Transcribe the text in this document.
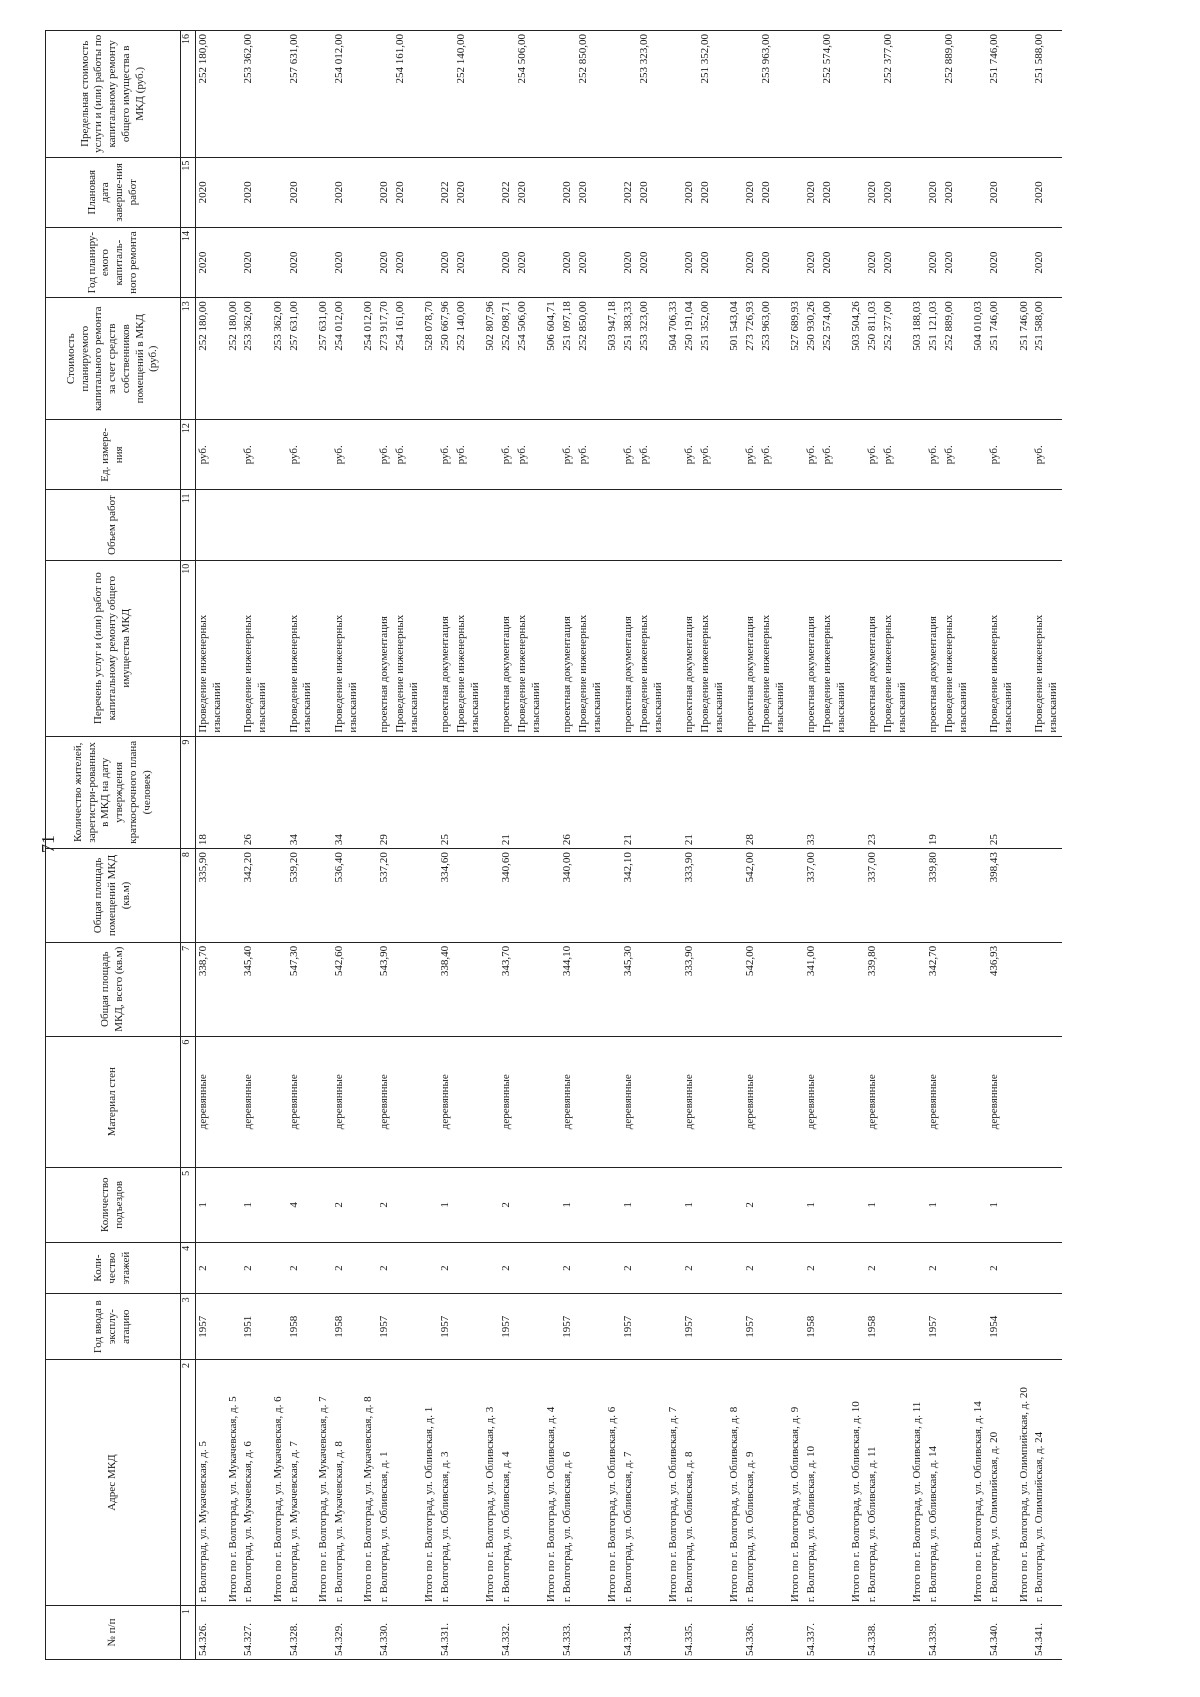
71
№ п/п	Адрес МКД	Год ввода в эксплу-атацию	Коли-чество этажей	Количество подъездов	Материал стен	Общая площадь МКД, всего (кв.м)	Общая площадь помещений МКД (кв.м)	Количество жителей, зарегистри-рованных в МКД на дату утверждения краткосрочного плана (человек)	Перечень услуг и (или) работ по капитальному ремонту общего имущества МКД	Объем работ	Ед. измере-ния	Стоимость планируемого капитального ремонта за счет средств собственников помещений в МКД (руб.)	Год планиру-емого капиталь-ного ремонта	Плановая дата заверше-ния работ	Предельная стоимость услуги и (или) работы по капитальному ремонту общего имущества в МКД (руб.)
1	2	3	4	5	6	7	8	9	10	11	12	13	14	15	16
54.326.	г. Волгоград, ул. Мукачевская, д. 5	1957	2	1	деревянные	338,70	335,90	18	Проведение инженерных изысканий		руб.	252 180,00	2020	2020	252 180,00
	Итого по г. Волгоград, ул. Мукачевская, д. 5											252 180,00			
54.327.	г. Волгоград, ул. Мукачевская, д. 6	1951	2	1	деревянные	345,40	342,20	26	Проведение инженерных изысканий		руб.	253 362,00	2020	2020	253 362,00
	Итого по г. Волгоград, ул. Мукачевская, д. 6											253 362,00			
54.328.	г. Волгоград, ул. Мукачевская, д. 7	1958	2	4	деревянные	547,30	539,20	34	Проведение инженерных изысканий		руб.	257 631,00	2020	2020	257 631,00
	Итого по г. Волгоград, ул. Мукачевская, д. 7											257 631,00			
54.329.	г. Волгоград, ул. Мукачевская, д. 8	1958	2	2	деревянные	542,60	536,40	34	Проведение инженерных изысканий		руб.	254 012,00	2020	2020	254 012,00
	Итого по г. Волгоград, ул. Мукачевская, д. 8											254 012,00			
54.330.	г. Волгоград, ул. Обливская, д. 1	1957	2	2	деревянные	543,90	537,20	29	проектная документация		руб.	273 917,70	2020	2020	
									Проведение инженерных изысканий		руб.	254 161,00	2020	2020	254 161,00
	Итого по г. Волгоград, ул. Обливская, д. 1											528 078,70			
54.331.	г. Волгоград, ул. Обливская, д. 3	1957	2	1	деревянные	338,40	334,60	25	проектная документация		руб.	250 667,96	2020	2022	
									Проведение инженерных изысканий		руб.	252 140,00	2020	2020	252 140,00
	Итого по г. Волгоград, ул. Обливская, д. 3											502 807,96			
54.332.	г. Волгоград, ул. Обливская, д. 4	1957	2	2	деревянные	343,70	340,60	21	проектная документация		руб.	252 098,71	2020	2022	
									Проведение инженерных изысканий		руб.	254 506,00	2020	2020	254 506,00
	Итого по г. Волгоград, ул. Обливская, д. 4											506 604,71			
54.333.	г. Волгоград, ул. Обливская, д. 6	1957	2	1	деревянные	344,10	340,00	26	проектная документация		руб.	251 097,18	2020	2020	
									Проведение инженерных изысканий		руб.	252 850,00	2020	2020	252 850,00
	Итого по г. Волгоград, ул. Обливская, д. 6											503 947,18			
54.334.	г. Волгоград, ул. Обливская, д. 7	1957	2	1	деревянные	345,30	342,10	21	проектная документация		руб.	251 383,33	2020	2022	
									Проведение инженерных изысканий		руб.	253 323,00	2020	2020	253 323,00
	Итого по г. Волгоград, ул. Обливская, д. 7											504 706,33			
54.335.	г. Волгоград, ул. Обливская, д. 8	1957	2	1	деревянные	333,90	333,90	21	проектная документация		руб.	250 191,04	2020	2020	
									Проведение инженерных изысканий		руб.	251 352,00	2020	2020	251 352,00
	Итого по г. Волгоград, ул. Обливская, д. 8											501 543,04			
54.336.	г. Волгоград, ул. Обливская, д. 9	1957	2	2	деревянные	542,00	542,00	28	проектная документация		руб.	273 726,93	2020	2020	
									Проведение инженерных изысканий		руб.	253 963,00	2020	2020	253 963,00
	Итого по г. Волгоград, ул. Обливская, д. 9											527 689,93			
54.337.	г. Волгоград, ул. Обливская, д. 10	1958	2	1	деревянные	341,00	337,00	33	проектная документация		руб.	250 930,26	2020	2020	
									Проведение инженерных изысканий		руб.	252 574,00	2020	2020	252 574,00
	Итого по г. Волгоград, ул. Обливская, д. 10											503 504,26			
54.338.	г. Волгоград, ул. Обливская, д. 11	1958	2	1	деревянные	339,80	337,00	23	проектная документация		руб.	250 811,03	2020	2020	
									Проведение инженерных изысканий		руб.	252 377,00	2020	2020	252 377,00
	Итого по г. Волгоград, ул. Обливская, д. 11											503 188,03			
54.339.	г. Волгоград, ул. Обливская, д. 14	1957	2	1	деревянные	342,70	339,80	19	проектная документация		руб.	251 121,03	2020	2020	
									Проведение инженерных изысканий		руб.	252 889,00	2020	2020	252 889,00
	Итого по г. Волгоград, ул. Обливская, д. 14											504 010,03			
54.340.	г. Волгоград, ул. Олимпийская, д. 20	1954	2	1	деревянные	436,93	398,43	25	Проведение инженерных изысканий		руб.	251 746,00	2020	2020	251 746,00
	Итого по г. Волгоград, ул. Олимпийская, д. 20											251 746,00			
54.341.	г. Волгоград, ул. Олимпийская, д. 24								Проведение инженерных изысканий		руб.	251 588,00	2020	2020	251 588,00
